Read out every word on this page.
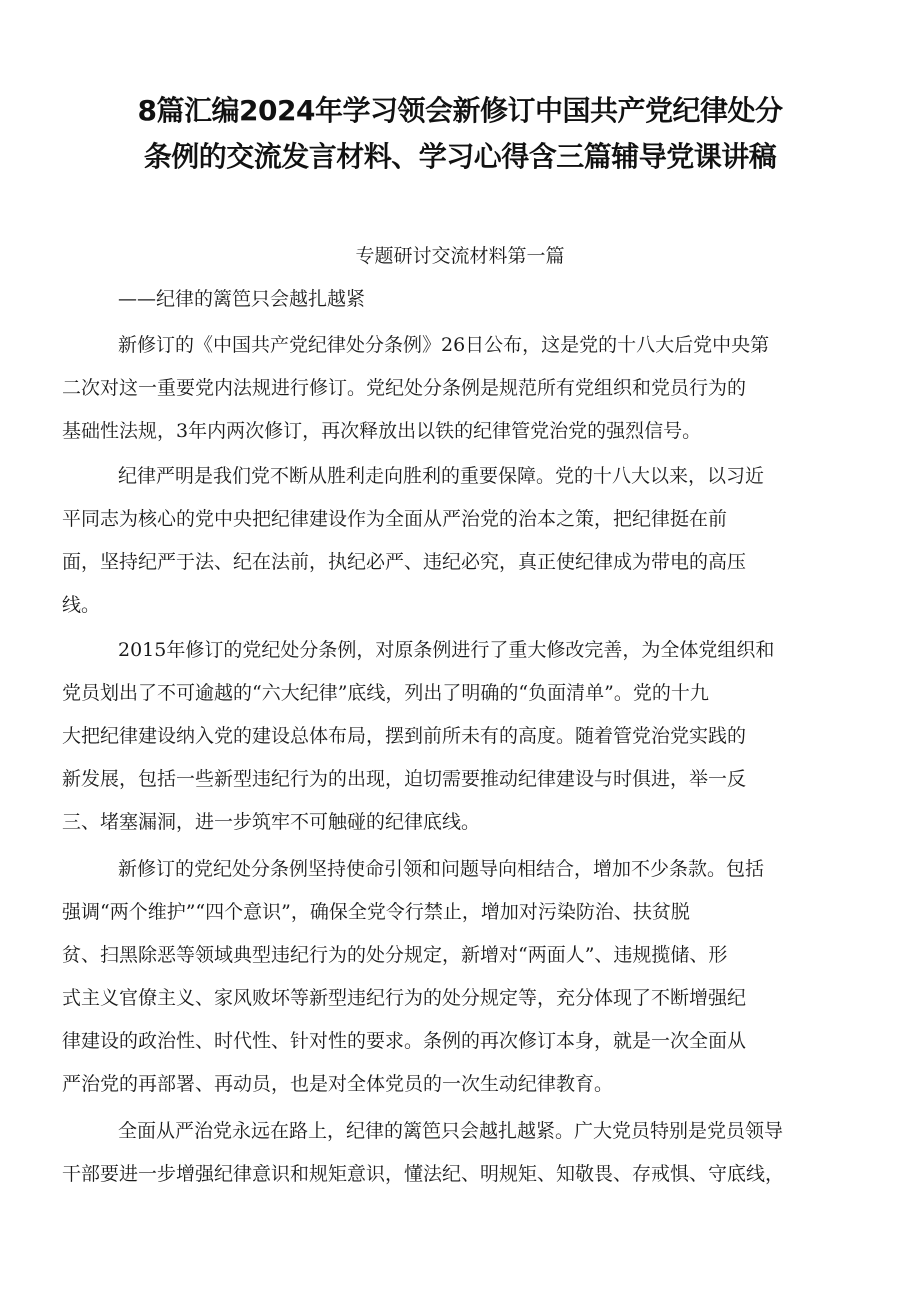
8篇汇编2024年学习领会新修订中国共产党纪律处分
条例的交流发言材料、学习心得含三篇辅导党课讲稿
专题研讨交流材料第一篇
——纪律的篱笆只会越扎越紧
新修订的《中国共产党纪律处分条例》26日公布，这是党的十八大后党中央第
二次对这一重要党内法规进行修订。党纪处分条例是规范所有党组织和党员行为的
基础性法规，3年内两次修订，再次释放出以铁的纪律管党治党的强烈信号。
纪律严明是我们党不断从胜利走向胜利的重要保障。党的十八大以来，以习近
平同志为核心的党中央把纪律建设作为全面从严治党的治本之策，把纪律挺在前
面，坚持纪严于法、纪在法前，执纪必严、违纪必究，真正使纪律成为带电的高压
线。
2015年修订的党纪处分条例，对原条例进行了重大修改完善，为全体党组织和
党员划出了不可逾越的“六大纪律”底线，列出了明确的“负面清单”。党的十九
大把纪律建设纳入党的建设总体布局，摆到前所未有的高度。随着管党治党实践的
新发展，包括一些新型违纪行为的出现，迫切需要推动纪律建设与时俱进，举一反
三、堵塞漏洞，进一步筑牢不可触碰的纪律底线。
新修订的党纪处分条例坚持使命引领和问题导向相结合，增加不少条款。包括
强调“两个维护”“四个意识”，确保全党令行禁止，增加对污染防治、扶贫脱
贫、扫黑除恶等领域典型违纪行为的处分规定，新增对“两面人”、违规揽储、形
式主义官僚主义、家风败坏等新型违纪行为的处分规定等，充分体现了不断增强纪
律建设的政治性、时代性、针对性的要求。条例的再次修订本身，就是一次全面从
严治党的再部署、再动员，也是对全体党员的一次生动纪律教育。
全面从严治党永远在路上，纪律的篱笆只会越扎越紧。广大党员特别是党员领导
干部要进一步增强纪律意识和规矩意识，懂法纪、明规矩、知敬畏、存戒惧、守底线，
